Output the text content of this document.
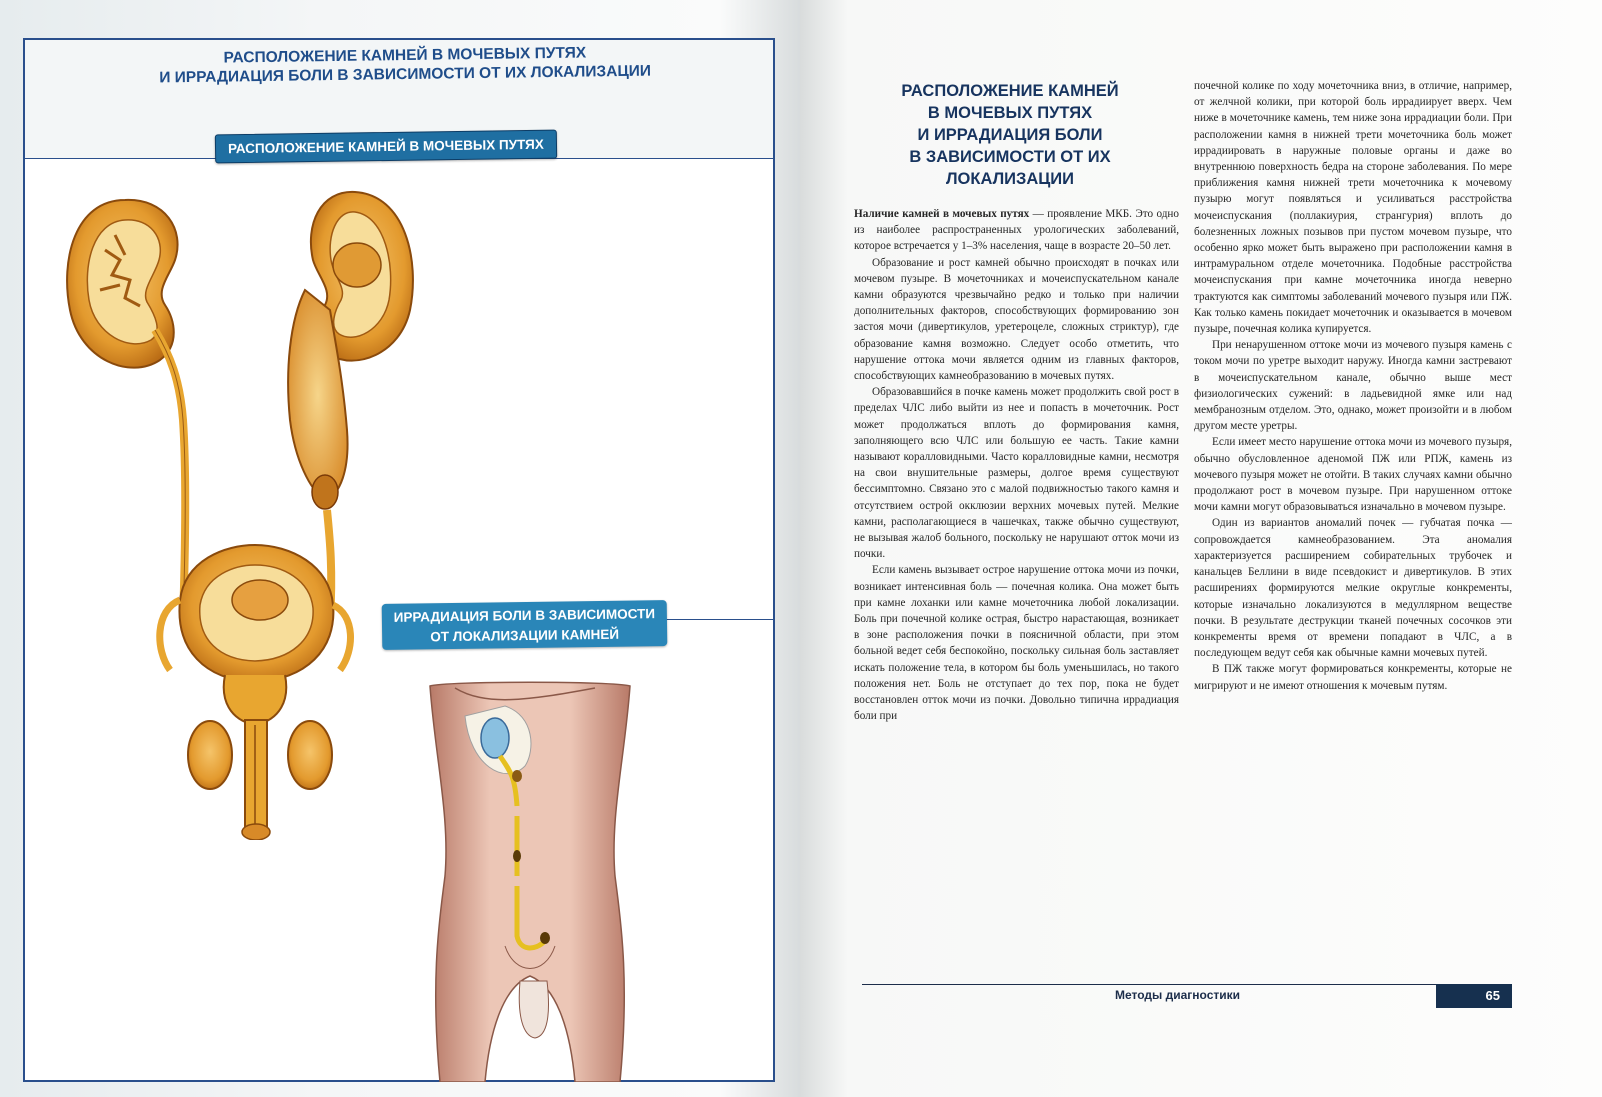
РАСПОЛОЖЕНИЕ КАМНЕЙ В МОЧЕВЫХ ПУТЯХ
И ИРРАДИАЦИЯ БОЛИ В ЗАВИСИМОСТИ ОТ ИХ ЛОКАЛИЗАЦИИ
РАСПОЛОЖЕНИЕ КАМНЕЙ В МОЧЕВЫХ ПУТЯХ
ИРРАДИАЦИЯ БОЛИ В ЗАВИСИМОСТИ
ОТ ЛОКАЛИЗАЦИИ КАМНЕЙ
РАСПОЛОЖЕНИЕ КАМНЕЙ
В МОЧЕВЫХ ПУТЯХ
И ИРРАДИАЦИЯ БОЛИ
В ЗАВИСИМОСТИ ОТ ИХ
ЛОКАЛИЗАЦИИ

Наличие камней в мочевых путях — проявление МКБ. Это одно из наиболее распространенных урологических заболеваний, которое встречается у 1–3% населения, чаще в возрасте 20–50 лет.

Образование и рост камней обычно происходят в почках или мочевом пузыре. В мочеточниках и мочеиспускательном канале камни образуются чрезвычайно редко и только при наличии дополнительных факторов, способствующих формированию зон застоя мочи (дивертикулов, уретероцеле, сложных стриктур), где образование камня возможно. Следует особо отметить, что нарушение оттока мочи является одним из главных факторов, способствующих камнеобразованию в мочевых путях.

Образовавшийся в почке камень может продолжить свой рост в пределах ЧЛС либо выйти из нее и попасть в мочеточник. Рост может продолжаться вплоть до формирования камня, заполняющего всю ЧЛС или большую ее часть. Такие камни называют коралловидными. Часто коралловидные камни, несмотря на свои внушительные размеры, долгое время существуют бессимптомно. Связано это с малой подвижностью такого камня и отсутствием острой окклюзии верхних мочевых путей. Мелкие камни, располагающиеся в чашечках, также обычно существуют, не вызывая жалоб больного, поскольку не нарушают отток мочи из почки.

Если камень вызывает острое нарушение оттока мочи из почки, возникает интенсивная боль — почечная колика. Она может быть при камне лоханки или камне мочеточника любой локализации. Боль при почечной колике острая, быстро нарастающая, возникает в зоне расположения почки в поясничной области, при этом больной ведет себя беспокойно, поскольку сильная боль заставляет искать положение тела, в котором бы боль уменьшилась, но такого положения нет. Боль не отступает до тех пор, пока не будет восстановлен отток мочи из почки. Довольно типична иррадиация боли при

почечной колике по ходу мочеточника вниз, в отличие, например, от желчной колики, при которой боль иррадиирует вверх. Чем ниже в мочеточнике камень, тем ниже зона иррадиации боли. При расположении камня в нижней трети мочеточника боль может иррадиировать в наружные половые органы и даже во внутреннюю поверхность бедра на стороне заболевания. По мере приближения камня нижней трети мочеточника к мочевому пузырю могут появляться и усиливаться расстройства мочеиспускания (поллакиурия, странгурия) вплоть до болезненных ложных позывов при пустом мочевом пузыре, что особенно ярко может быть выражено при расположении камня в интрамуральном отделе мочеточника. Подобные расстройства мочеиспускания при камне мочеточника иногда неверно трактуются как симптомы заболеваний мочевого пузыря или ПЖ. Как только камень покидает мочеточник и оказывается в мочевом пузыре, почечная колика купируется.

При ненарушенном оттоке мочи из мочевого пузыря камень с током мочи по уретре выходит наружу. Иногда камни застревают в мочеиспускательном канале, обычно выше мест физиологических сужений: в ладьевидной ямке или над мембранозным отделом. Это, однако, может произойти и в любом другом месте уретры.

Если имеет место нарушение оттока мочи из мочевого пузыря, обычно обусловленное аденомой ПЖ или РПЖ, камень из мочевого пузыря может не отойти. В таких случаях камни обычно продолжают рост в мочевом пузыре. При нарушенном оттоке мочи камни могут образовываться изначально в мочевом пузыре.

Один из вариантов аномалий почек — губчатая почка — сопровождается камнеобразованием. Эта аномалия характеризуется расширением собирательных трубочек и канальцев Беллини в виде псевдокист и дивертикулов. В этих расширениях формируются мелкие округлые конкременты, которые изначально локализуются в медуллярном веществе почки. В результате деструкции тканей почечных сосочков эти конкременты время от времени попадают в ЧЛС, а в последующем ведут себя как обычные камни мочевых путей.

В ПЖ также могут формироваться конкременты, которые не мигрируют и не имеют отношения к мочевым путям.

Методы диагностики	65
